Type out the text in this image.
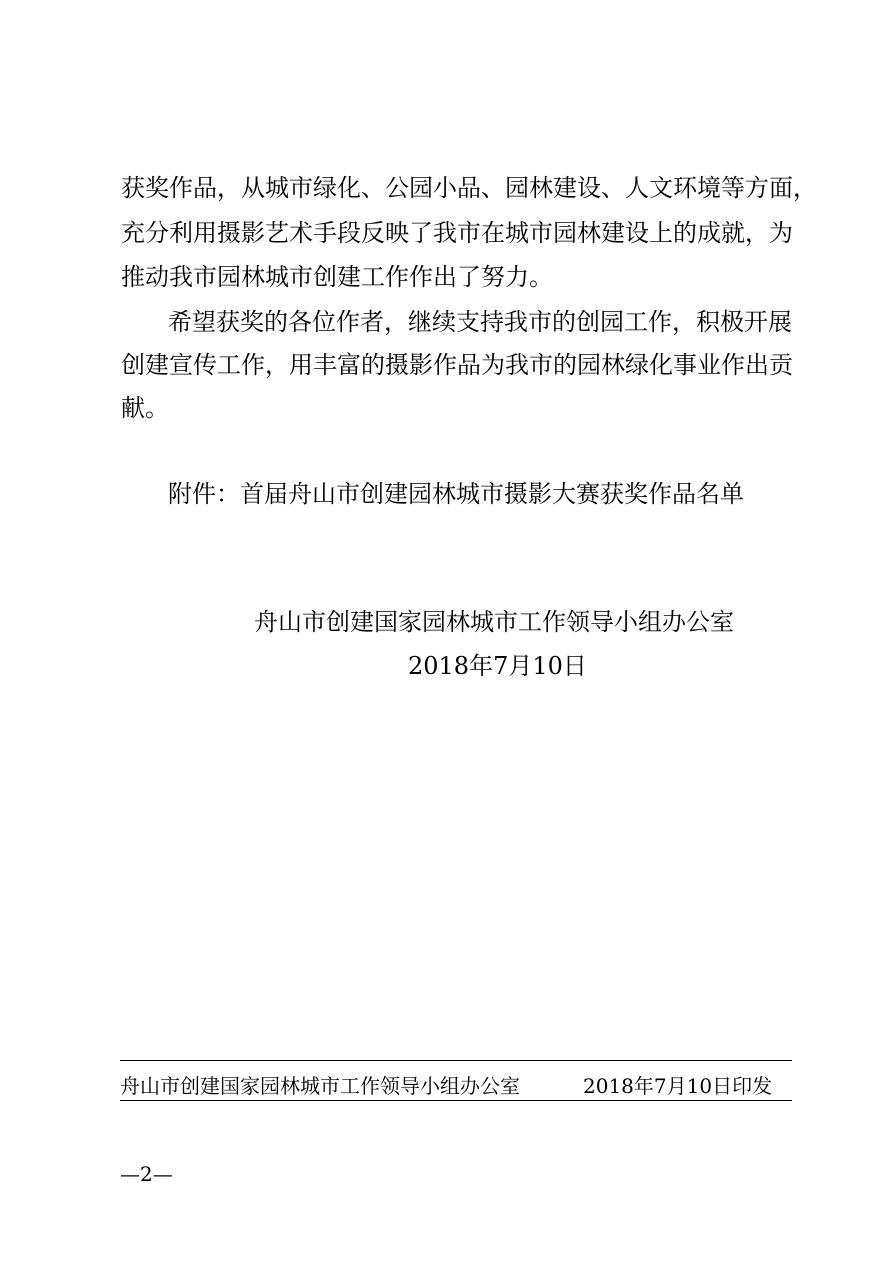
获奖作品，从城市绿化、公园小品、园林建设、人文环境等方面，
充分利用摄影艺术手段反映了我市在城市园林建设上的成就，为
推动我市园林城市创建工作作出了努力。
希望获奖的各位作者，继续支持我市的创园工作，积极开展
创建宣传工作，用丰富的摄影作品为我市的园林绿化事业作出贡
献。
附件：首届舟山市创建园林城市摄影大赛获奖作品名单
舟山市创建国家园林城市工作领导小组办公室
2018年7月10日
舟山市创建国家园林城市工作领导小组办公室	2018年7月10日印发
—2—
